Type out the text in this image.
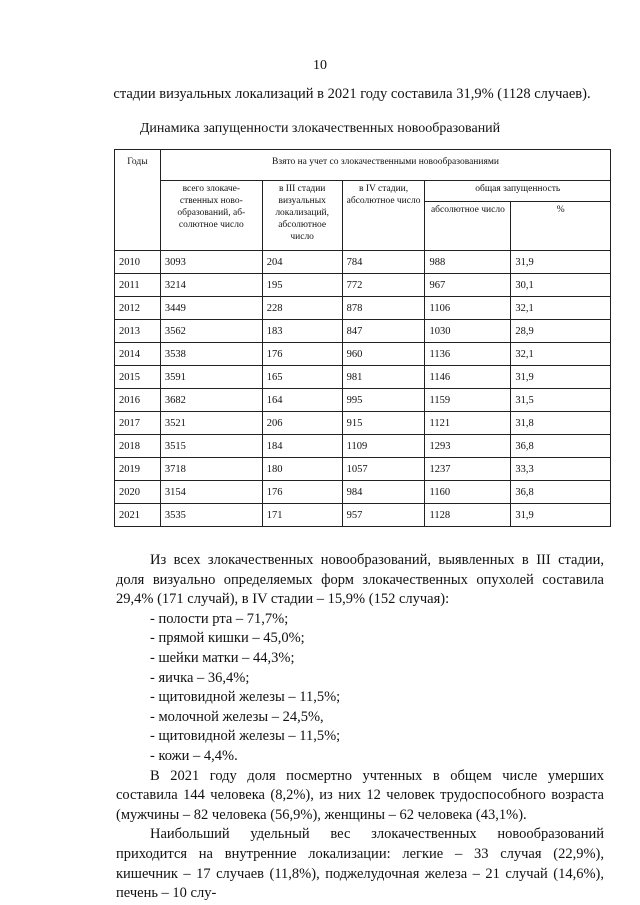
10
стадии визуальных локализаций в 2021 году составила 31,9% (1128 случаев).
Динамика запущенности злокачественных новообразований
Годы	Взято на учет со злокачественными новообразованиями				
	всего злокаче-ственных ново-образований, аб-солютное число	в III стадии визуальных локализаций, абсолютное число	в IV стадии, абсолютное число	общая запущенность	
				абсолютное число	%
2010	3093	204	784	988	31,9
2011	3214	195	772	967	30,1
2012	3449	228	878	1106	32,1
2013	3562	183	847	1030	28,9
2014	3538	176	960	1136	32,1
2015	3591	165	981	1146	31,9
2016	3682	164	995	1159	31,5
2017	3521	206	915	1121	31,8
2018	3515	184	1109	1293	36,8
2019	3718	180	1057	1237	33,3
2020	3154	176	984	1160	36,8
2021	3535	171	957	1128	31,9

Из всех злокачественных новообразований, выявленных в III стадии, доля визуально определяемых форм злокачественных опухолей составила 29,4% (171 случай), в IV стадии – 15,9% (152 случая):

- полости рта – 71,7%;
- прямой кишки – 45,0%;
- шейки матки – 44,3%;
- яичка – 36,4%;
- щитовидной железы – 11,5%;
- молочной железы – 24,5%,
- щитовидной железы – 11,5%;
- кожи – 4,4%.

В 2021 году доля посмертно учтенных в общем числе умерших составила 144 человека (8,2%), из них 12 человек трудоспособного возраста (мужчины – 82 человека (56,9%), женщины – 62 человека (43,1%).

Наибольший удельный вес злокачественных новообразований приходится на внутренние локализации: легкие – 33 случая (22,9%), кишечник – 17 случаев (11,8%), поджелудочная железа – 21 случай (14,6%), печень – 10 слу-
